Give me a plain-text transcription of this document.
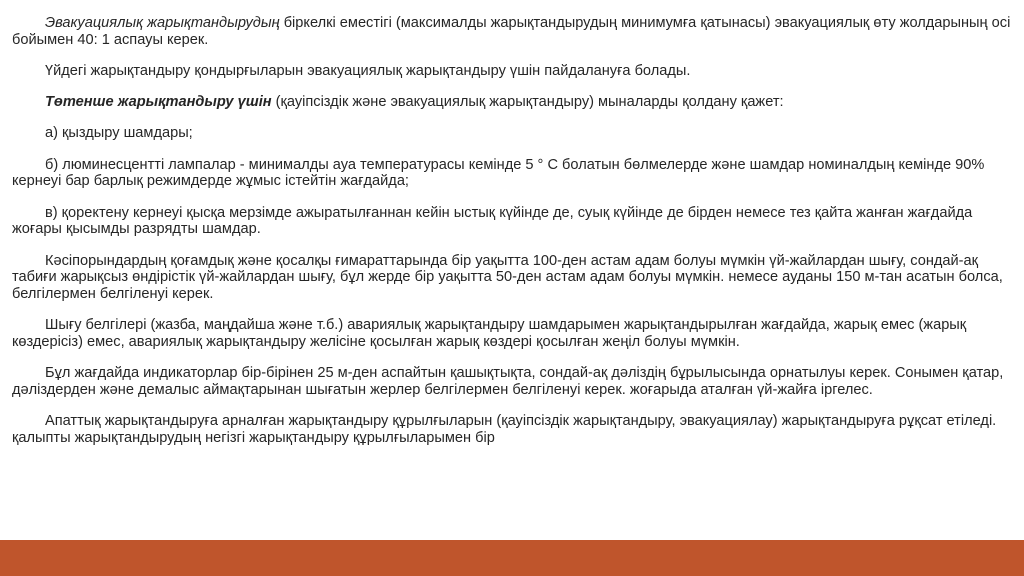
Эвакуациялық жарықтандырудың біркелкі еместігі (максималды жарықтандырудың минимумға қатынасы) эвакуациялық өту жолдарының осі бойымен 40: 1 аспауы керек.

Үйдегі жарықтандыру қондырғыларын эвакуациялық жарықтандыру үшін пайдалануға болады.

Төтенше жарықтандыру үшін (қауіпсіздік және эвакуациялық жарықтандыру) мыналарды қолдану қажет:

а) қыздыру шамдары;

б) люминесцентті лампалар - минималды ауа температурасы кемінде 5 ° С болатын бөлмелерде және шамдар номиналдың кемінде 90% кернеуі бар барлық режимдерде жұмыс істейтін жағдайда;

в) қоректену кернеуі қысқа мерзімде ажыратылғаннан кейін ыстық күйінде де, суық күйінде де бірден немесе тез қайта жанған жағдайда жоғары қысымды разрядты шамдар.

Кәсіпорындардың қоғамдық және қосалқы ғимараттарында бір уақытта 100-ден астам адам болуы мүмкін үй-жайлардан шығу, сондай-ақ табиғи жарықсыз өндірістік үй-жайлардан шығу, бұл жерде бір уақытта 50-ден астам адам болуы мүмкін. немесе ауданы 150 м-тан асатын болса, белгілермен белгіленуі керек.

Шығу белгілері (жазба, маңдайша және т.б.) авариялық жарықтандыру шамдарымен жарықтандырылған жағдайда, жарық емес (жарық көздерісіз) емес, авариялық жарықтандыру желісіне қосылған жарық көздері қосылған жеңіл болуы мүмкін.

Бұл жағдайда индикаторлар бір-бірінен 25 м-ден аспайтын қашықтықта, сондай-ақ дәліздің бұрылысында орнатылуы керек. Сонымен қатар, дәліздерден және демалыс аймақтарынан шығатын жерлер белгілермен белгіленуі керек. жоғарыда аталған үй-жайға іргелес.

Апаттық жарықтандыруға арналған жарықтандыру құрылғыларын (қауіпсіздік жарықтандыру, эвакуациялау) жарықтандыруға рұқсат етіледі. қалыпты жарықтандырудың негізгі жарықтандыру құрылғыларымен бір
